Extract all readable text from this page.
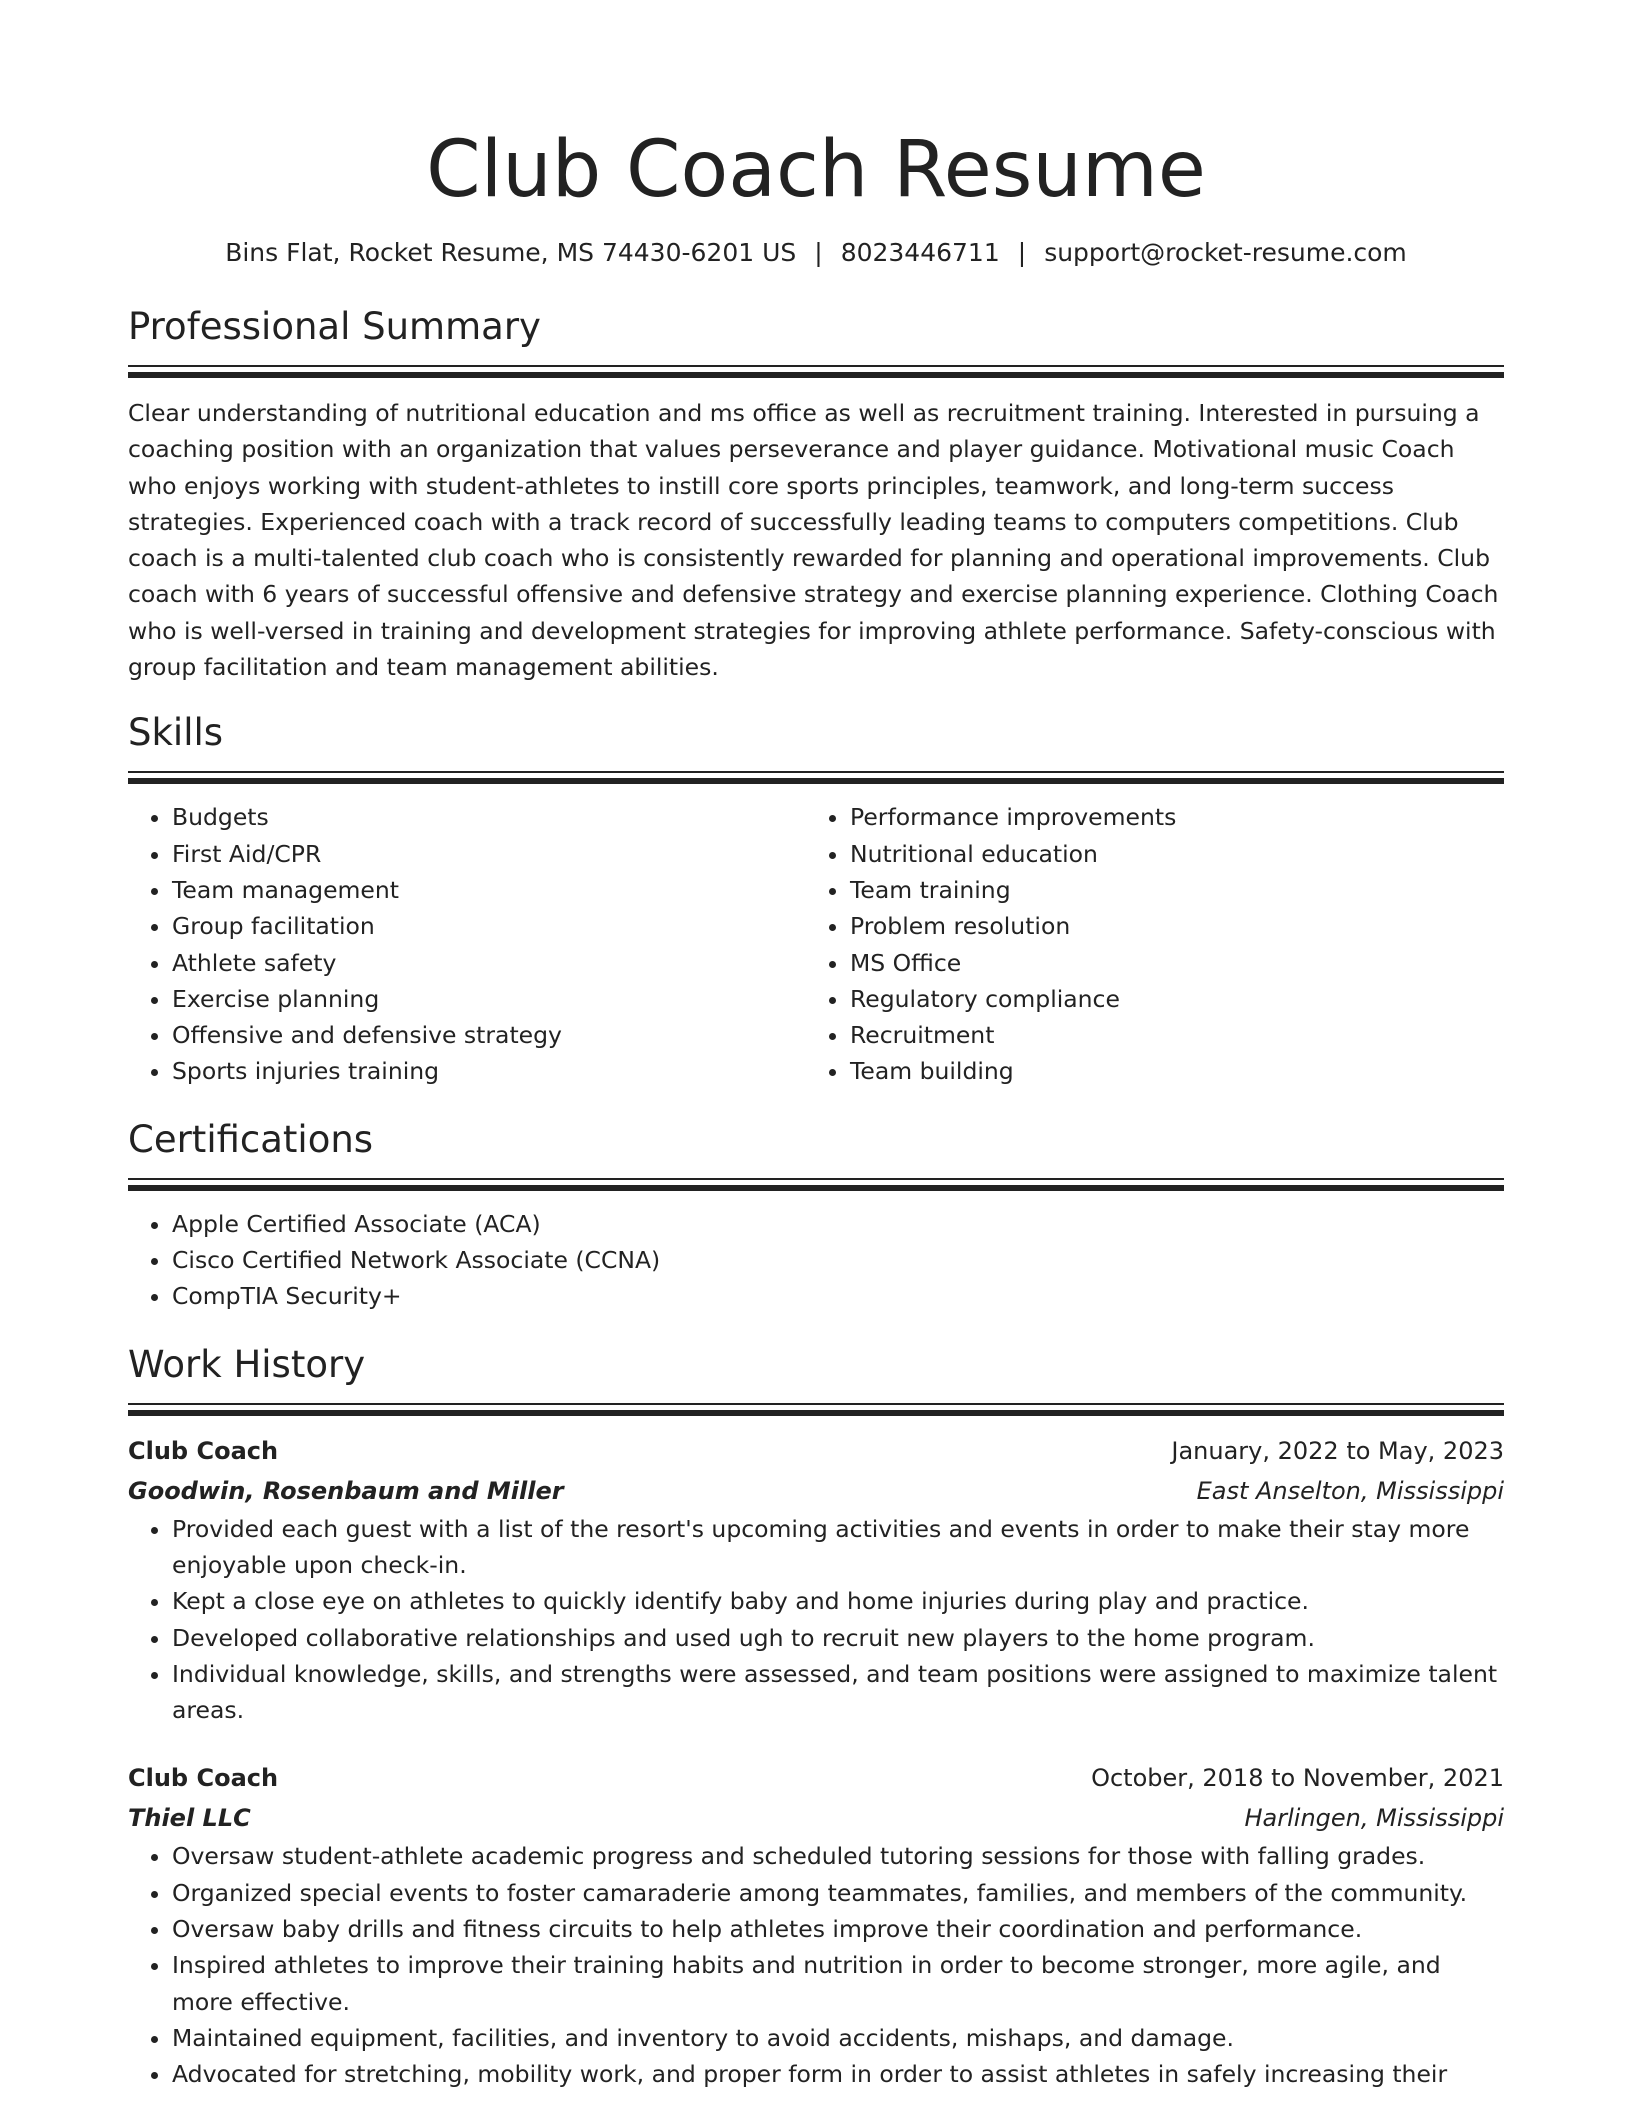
Club Coach Resume
Bins Flat, Rocket Resume, MS 74430-6201 US | 8023446711 | support@rocket-resume.com
Professional Summary
Clear understanding of nutritional education and ms office as well as recruitment training. Interested in pursuing a coaching position with an organization that values perseverance and player guidance. Motivational music Coach who enjoys working with student-athletes to instill core sports principles, teamwork, and long-term success strategies. Experienced coach with a track record of successfully leading teams to computers competitions. Club coach is a multi-talented club coach who is consistently rewarded for planning and operational improvements. Club coach with 6 years of successful offensive and defensive strategy and exercise planning experience. Clothing Coach who is well-versed in training and development strategies for improving athlete performance. Safety-conscious with group facilitation and team management abilities.
Skills
• Budgets
• First Aid/CPR
• Team management
• Group facilitation
• Athlete safety
• Exercise planning
• Offensive and defensive strategy
• Sports injuries training
• Performance improvements
• Nutritional education
• Team training
• Problem resolution
• MS Office
• Regulatory compliance
• Recruitment
• Team building
Certifications
• Apple Certified Associate (ACA)
• Cisco Certified Network Associate (CCNA)
• CompTIA Security+
Work History
Club Coach	January, 2022 to May, 2023
Goodwin, Rosenbaum and Miller	East Anselton, Mississippi
• Provided each guest with a list of the resort's upcoming activities and events in order to make their stay more enjoyable upon check-in.
• Kept a close eye on athletes to quickly identify baby and home injuries during play and practice.
• Developed collaborative relationships and used ugh to recruit new players to the home program.
• Individual knowledge, skills, and strengths were assessed, and team positions were assigned to maximize talent areas.
Club Coach	October, 2018 to November, 2021
Thiel LLC	Harlingen, Mississippi
• Oversaw student-athlete academic progress and scheduled tutoring sessions for those with falling grades.
• Organized special events to foster camaraderie among teammates, families, and members of the community.
• Oversaw baby drills and fitness circuits to help athletes improve their coordination and performance.
• Inspired athletes to improve their training habits and nutrition in order to become stronger, more agile, and more effective.
• Maintained equipment, facilities, and inventory to avoid accidents, mishaps, and damage.
• Advocated for stretching, mobility work, and proper form in order to assist athletes in safely increasing their
